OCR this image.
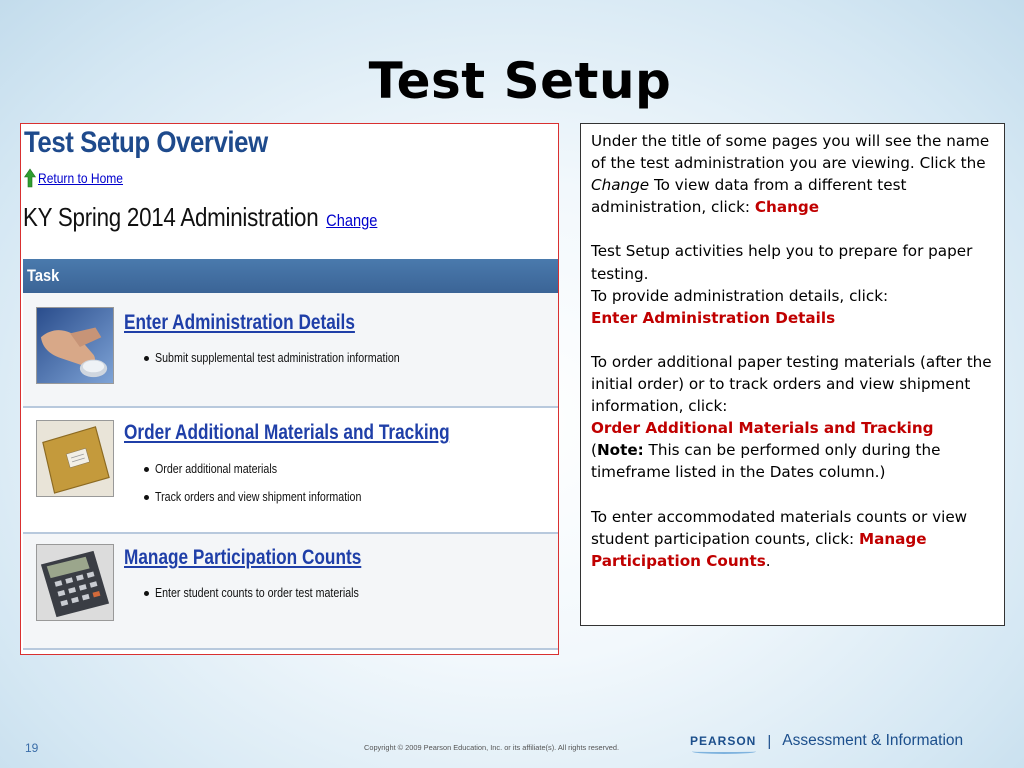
Test Setup
Test Setup Overview
Return to Home
KY Spring 2014 Administration Change
Task
Enter Administration Details
Submit supplemental test administration information
Order Additional Materials and Tracking
Order additional materials
Track orders and view shipment information
Manage Participation Counts
Enter student counts to order test materials

Under the title of some pages you will see the name of the test administration you are viewing. Click the Change To view data from a different test administration, click: Change

Test Setup activities help you to prepare for paper testing.
To provide administration details, click:
Enter Administration Details

To order additional paper testing materials (after the initial order) or to track orders and view shipment information, click:
Order Additional Materials and Tracking
(Note: This can be performed only during the timeframe listed in the Dates column.)

To enter accommodated materials counts or view student participation counts, click: Manage Participation Counts.

19	Copyright © 2009 Pearson Education, Inc. or its affiliate(s). All rights reserved.	PEARSON | Assessment & Information
